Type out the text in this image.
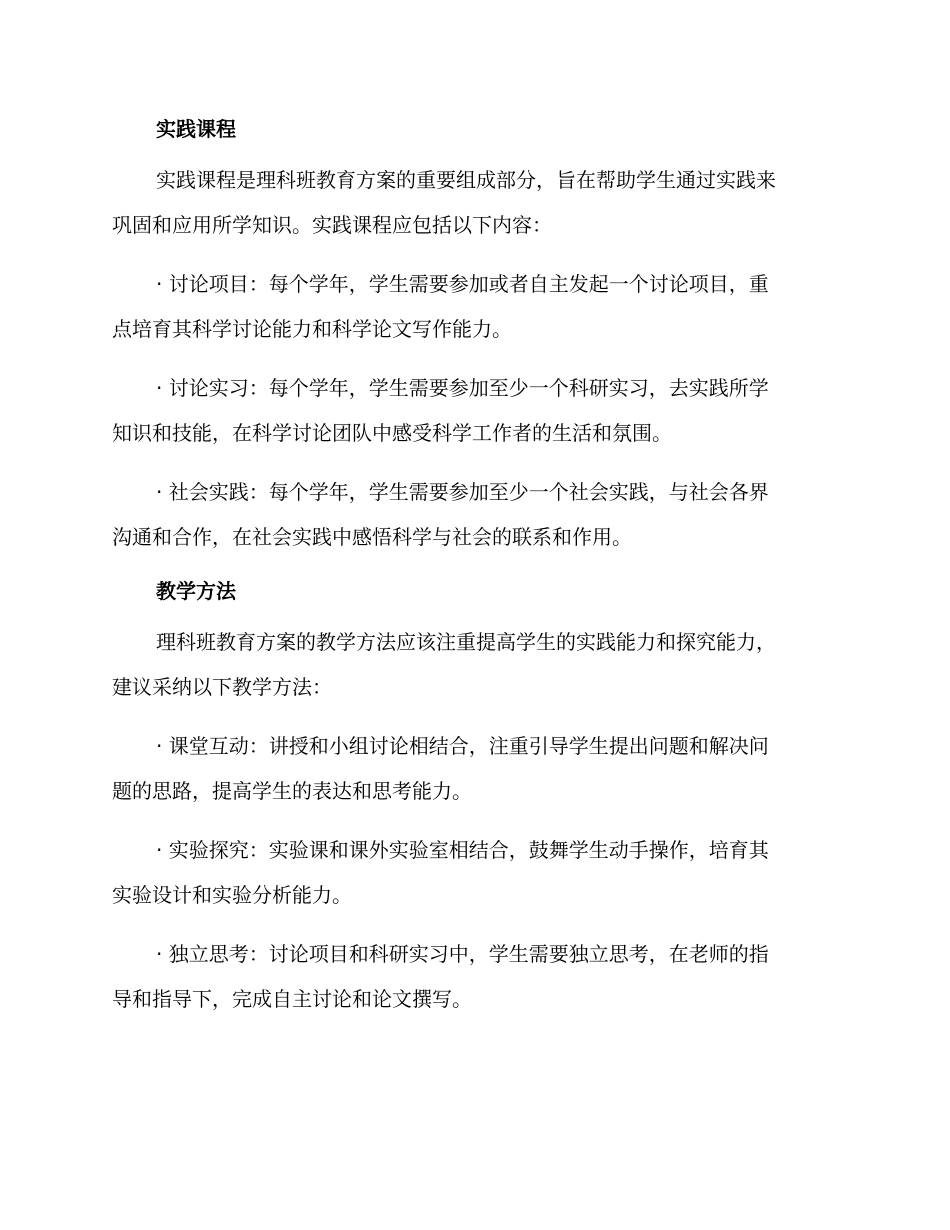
实践课程

实践课程是理科班教育方案的重要组成部分，旨在帮助学生通过实践来
巩固和应用所学知识。实践课程应包括以下内容：

· 讨论项目：每个学年，学生需要参加或者自主发起一个讨论项目，重
点培育其科学讨论能力和科学论文写作能力。

· 讨论实习：每个学年，学生需要参加至少一个科研实习，去实践所学
知识和技能，在科学讨论团队中感受科学工作者的生活和氛围。

· 社会实践：每个学年，学生需要参加至少一个社会实践，与社会各界
沟通和合作，在社会实践中感悟科学与社会的联系和作用。

教学方法

理科班教育方案的教学方法应该注重提高学生的实践能力和探究能力，
建议采纳以下教学方法：

· 课堂互动：讲授和小组讨论相结合，注重引导学生提出问题和解决问
题的思路，提高学生的表达和思考能力。

· 实验探究：实验课和课外实验室相结合，鼓舞学生动手操作，培育其
实验设计和实验分析能力。

· 独立思考：讨论项目和科研实习中，学生需要独立思考，在老师的指
导和指导下，完成自主讨论和论文撰写。
